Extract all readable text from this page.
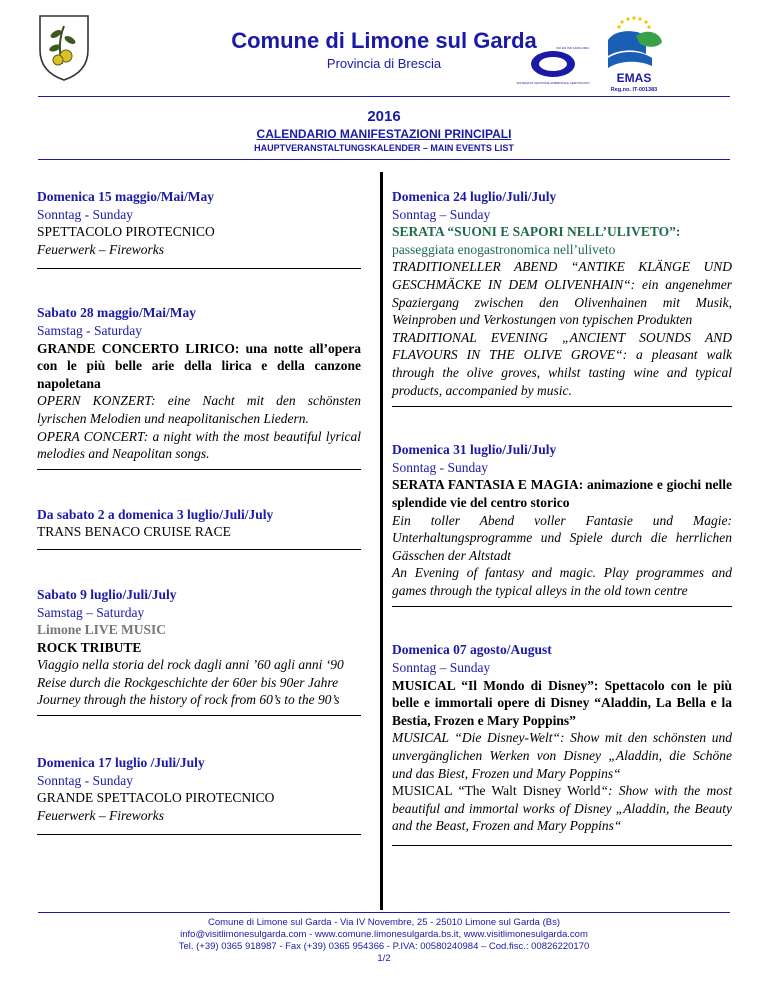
Comune di Limone sul Garda
Provincia di Brescia
UNI EN ISO 14001:2004
SISTEMA DI GESTIONE AMBIENTALE CERTIFICATO EMAS
Reg.no. IT-001383
2016
CALENDARIO MANIFESTAZIONI PRINCIPALI
HAUPTVERANSTALTUNGSKALENDER – MAIN EVENTS LIST
Domenica 15 maggio/Mai/May
Sonntag - Sunday
SPETTACOLO PIROTECNICO
Feuerwerk – Fireworks
Sabato 28 maggio/Mai/May
Samstag - Saturday
GRANDE CONCERTO LIRICO: una notte all’opera con le più belle arie della lirica e della canzone napoletana
OPERN KONZERT: eine Nacht mit den schönsten lyrischen Melodien und neapolitanischen Liedern.
OPERA CONCERT: a night with the most beautiful lyrical melodies and Neapolitan songs.
Da sabato 2 a domenica 3 luglio/Juli/July
TRANS BENACO CRUISE RACE
Sabato 9 luglio/Juli/July
Samstag – Saturday
Limone LIVE MUSIC
ROCK TRIBUTE
Viaggio nella storia del rock dagli anni ’60 agli anni ‘90
Reise durch die Rockgeschichte der 60er bis 90er Jahre
Journey through the history of rock from 60’s to the 90’s
Domenica 17 luglio /Juli/July
Sonntag - Sunday
GRANDE SPETTACOLO PIROTECNICO
Feuerwerk – Fireworks
Domenica 24 luglio/Juli/July
Sonntag – Sunday
SERATA “SUONI E SAPORI NELL’ULIVETO”:
passeggiata enogastronomica nell’uliveto
TRADITIONELLER ABEND “ANTIKE KLÄNGE UND GESCHMÄCKE IN DEM OLIVENHAIN“: ein angenehmer Spaziergang zwischen den Olivenhainen mit Musik, Weinproben und Verkostungen von typischen Produkten
TRADITIONAL EVENING „ANCIENT SOUNDS AND FLAVOURS IN THE OLIVE GROVE“: a pleasant walk through the olive groves, whilst tasting wine and typical products, accompanied by music.
Domenica 31 luglio/Juli/July
Sonntag - Sunday
SERATA FANTASIA E MAGIA: animazione e giochi nelle splendide vie del centro storico
Ein toller Abend voller Fantasie und Magie: Unterhaltungsprogramme und Spiele durch die herrlichen Gässchen der Altstadt
An Evening of fantasy and magic. Play programmes and games through the typical alleys in the old town centre
Domenica 07 agosto/August
Sonntag – Sunday
MUSICAL “Il Mondo di Disney”: Spettacolo con le più belle e immortali opere di Disney “Aladdin, La Bella e la Bestia, Frozen e Mary Poppins”
MUSICAL “Die Disney-Welt“: Show mit den schönsten und unvergänglichen Werken von Disney „Aladdin, die Schöne und das Biest, Frozen und Mary Poppins“
MUSICAL “The Walt Disney World“: Show with the most beautiful and immortal works of Disney „Aladdin, the Beauty and the Beast, Frozen and Mary Poppins“
Comune di Limone sul Garda - Via IV Novembre, 25 - 25010 Limone sul Garda (Bs)
info@visitlimonesulgarda.com - www.comune.limonesulgarda.bs.it, www.visitlimonesulgarda.com
Tel. (+39) 0365 918987 - Fax (+39) 0365 954366 - P.IVA: 00580240984 – Cod.fisc.: 00826220170
1/2
